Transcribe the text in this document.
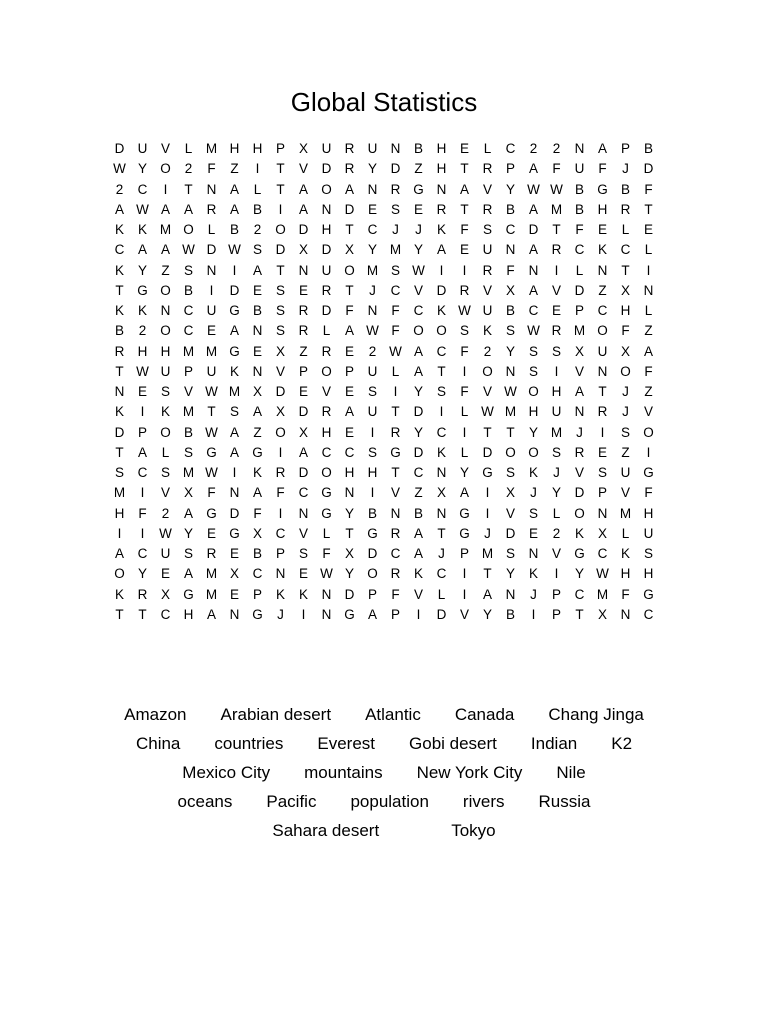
Global Statistics
D U	V	L	M H H	P	X	U R U N	B	H	E	L	C	2	2	N	A	P	B
W Y O	2	F	Z	I	T	V	D R	Y	D	Z	H	T	R	P	A	F	U	F	J	D
2	C	I	T	N	A	L	T	A O A	N R G N	A	V	Y W W B G B	F
A W A	A	R	A	B	I	A	N D	E	S	E	R	T	R	B	A M B	H R	T
K	K M O	L	B	2	O D H	T	C	J	J	K	F	S	C D	T	F	E	L	E
C	A	A W D W S	D	X	D	X	Y M Y	A	E	U N	A	R C	K	C	L
K	Y	Z	S	N	I	A	T	N U O M S W	I	I	R	F	N	I	L	N	T	I
T	G O B	I	D	E	S	E	R	T	J	C	V	D R	V	X	A	V	D	Z	X	N
K	K	N C U G B	S	R D	F	N	F	C	K W U	B	C	E	P	C H	L
B	2	O C	E	A	N	S	R	L	A W F	O O S	K	S W R M O	F	Z
R H H M M G E	X	Z	R	E	2 W A	C	F	2	Y	S	S	X	U	X	A
T W U	P	U	K	N	V	P O P	U	L	A	T	I	O N	S	I	V	N O	F
N	E	S	V W M X	D	E	V	E	S	I	Y	S	F	V W O H	A	T	J	Z
K	I	K M T	S	A	X	D R	A	U	T	D	I	L W M H U N R	J	V
D	P O B W A	Z	O X	H	E	I	R	Y	C	I	T	T	Y M	J	I	S O
T	A	L	S G A G	I	A	C C	S G D	K	L	D O O S	R	E	Z	I
S	C	S M W	I	K	R D O H H	T	C N	Y G S	K	J	V	S	U G
M	I	V	X	F	N	A	F	C G N	I	V	Z	X	A	I	X	J	Y	D	P	V	F
H	F	2	A G D	F	I	N G Y	B	N	B	N G	I	V	S	L	O N M H
I	I	W Y	E G X	C	V	L	T	G R	A	T	G	J	D	E	2	K	X	L	U
A	C U	S	R	E	B	P	S	F	X	D C	A	J	P M S	N	V G C	K	S
O Y	E	A M X	C N	E W Y O R	K	C	I	T	Y	K	I	Y W H H
K	R	X G M E	P	K	K	N D	P	F	V	L	I	A	N	J	P	C M F	G
T	T	C H	A	N G	J	I	N G A	P	I	D	V	Y	B	I	P	T	X	N C
Amazon Arabian desert Atlantic Canada Chang Jinga
China countries Everest Gobi desert Indian K2
Mexico City mountains New York City Nile
oceans Pacific population rivers Russia
Sahara desert	Tokyo
